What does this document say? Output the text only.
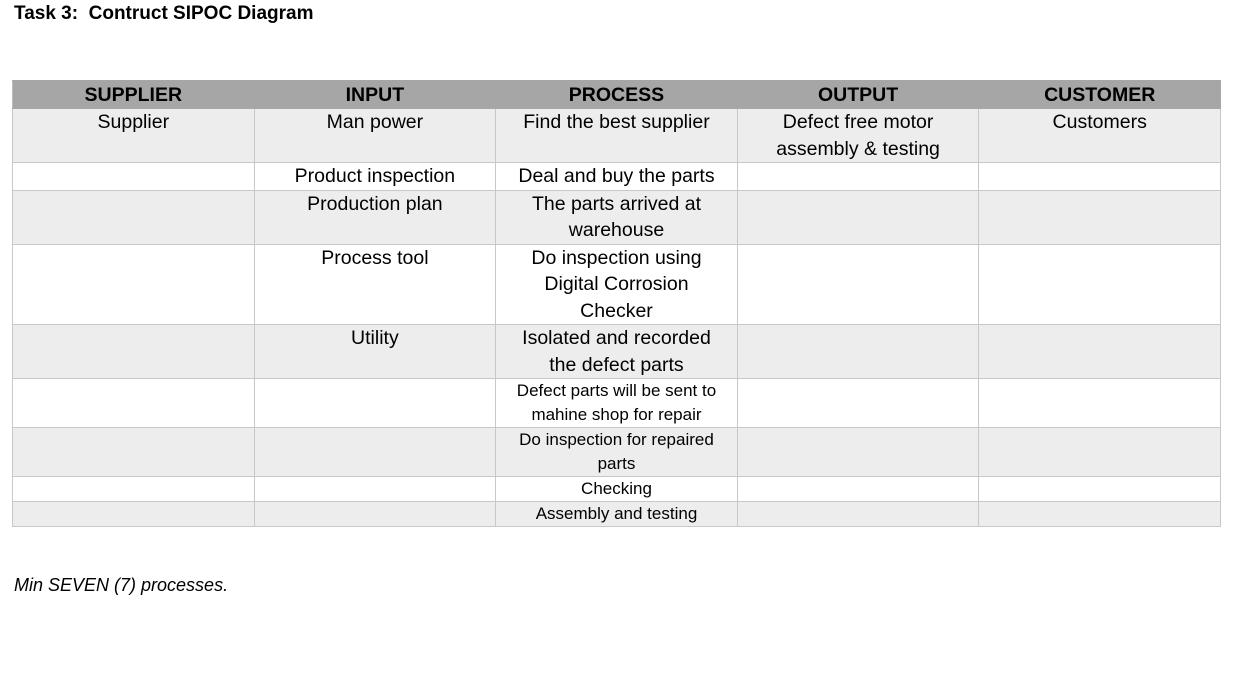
Task 3:  Contruct SIPOC Diagram
SUPPLIER	INPUT	PROCESS	OUTPUT	CUSTOMER
Supplier	Man power	Find the best supplier	Defect free motor assembly & testing	Customers
	Product inspection	Deal and buy the parts		
	Production plan	The parts arrived at warehouse		
	Process tool	Do inspection using Digital Corrosion Checker		
	Utility	Isolated and recorded the defect parts		
		Defect parts will be sent to mahine shop for repair		
		Do inspection for repaired parts		
		Checking		
		Assembly and testing		
Min SEVEN (7) processes.
